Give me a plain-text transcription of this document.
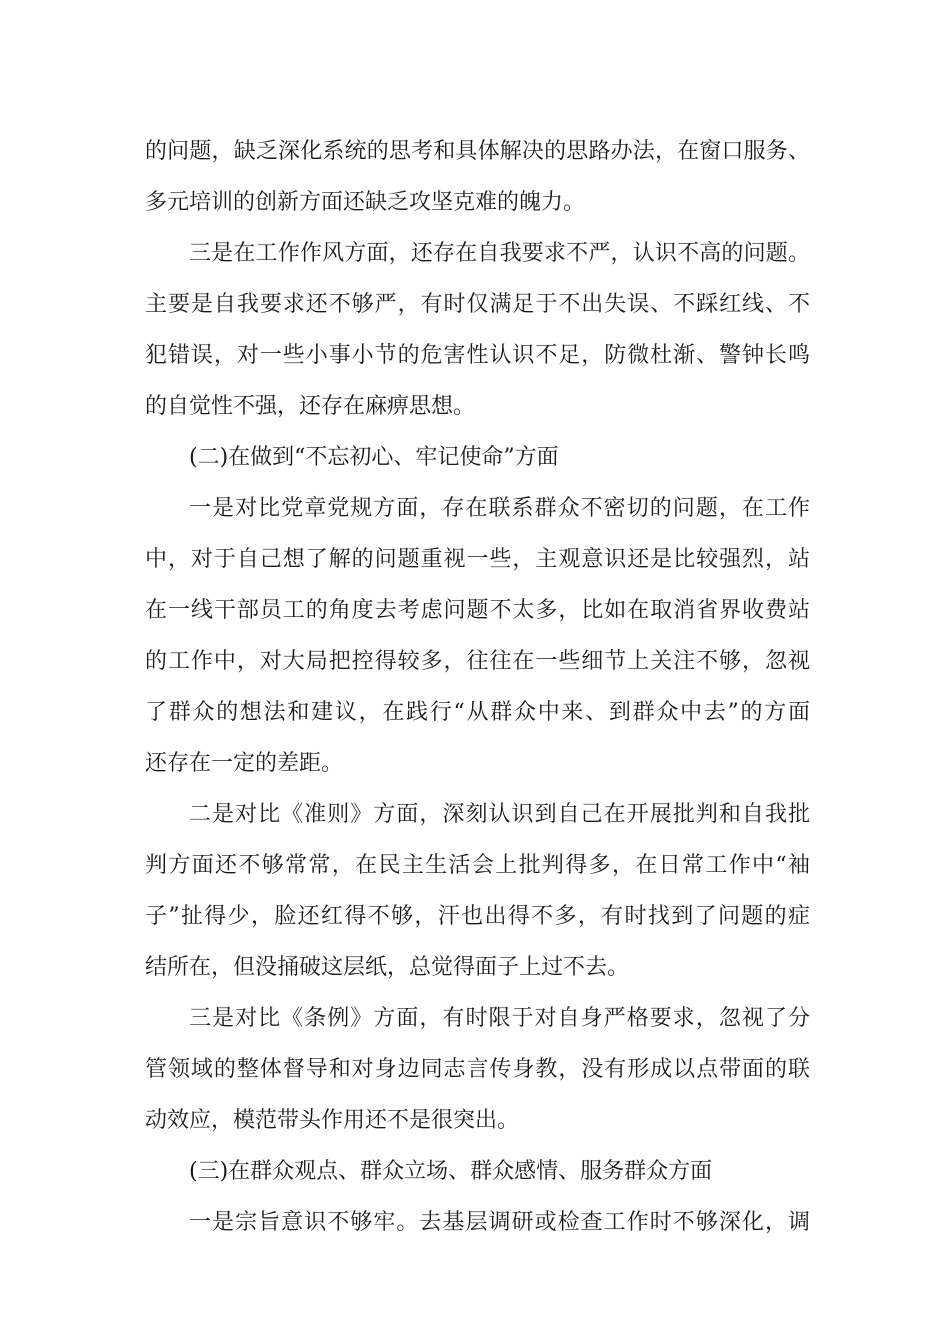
的问题，缺乏深化系统的思考和具体解决的思路办法，在窗口服务、
多元培训的创新方面还缺乏攻坚克难的魄力。
三是在工作作风方面，还存在自我要求不严，认识不高的问题。
主要是自我要求还不够严，有时仅满足于不出失误、不踩红线、不
犯错误，对一些小事小节的危害性认识不足，防微杜渐、警钟长鸣
的自觉性不强，还存在麻痹思想。
(二)在做到“不忘初心、牢记使命”方面
一是对比党章党规方面，存在联系群众不密切的问题，在工作
中，对于自己想了解的问题重视一些，主观意识还是比较强烈，站
在一线干部员工的角度去考虑问题不太多，比如在取消省界收费站
的工作中，对大局把控得较多，往往在一些细节上关注不够，忽视
了群众的想法和建议，在践行“从群众中来、到群众中去”的方面
还存在一定的差距。
二是对比《准则》方面，深刻认识到自己在开展批判和自我批
判方面还不够常常，在民主生活会上批判得多，在日常工作中“袖
子”扯得少，脸还红得不够，汗也出得不多，有时找到了问题的症
结所在，但没捅破这层纸，总觉得面子上过不去。
三是对比《条例》方面，有时限于对自身严格要求，忽视了分
管领域的整体督导和对身边同志言传身教，没有形成以点带面的联
动效应，模范带头作用还不是很突出。
(三)在群众观点、群众立场、群众感情、服务群众方面
一是宗旨意识不够牢。去基层调研或检查工作时不够深化，调
